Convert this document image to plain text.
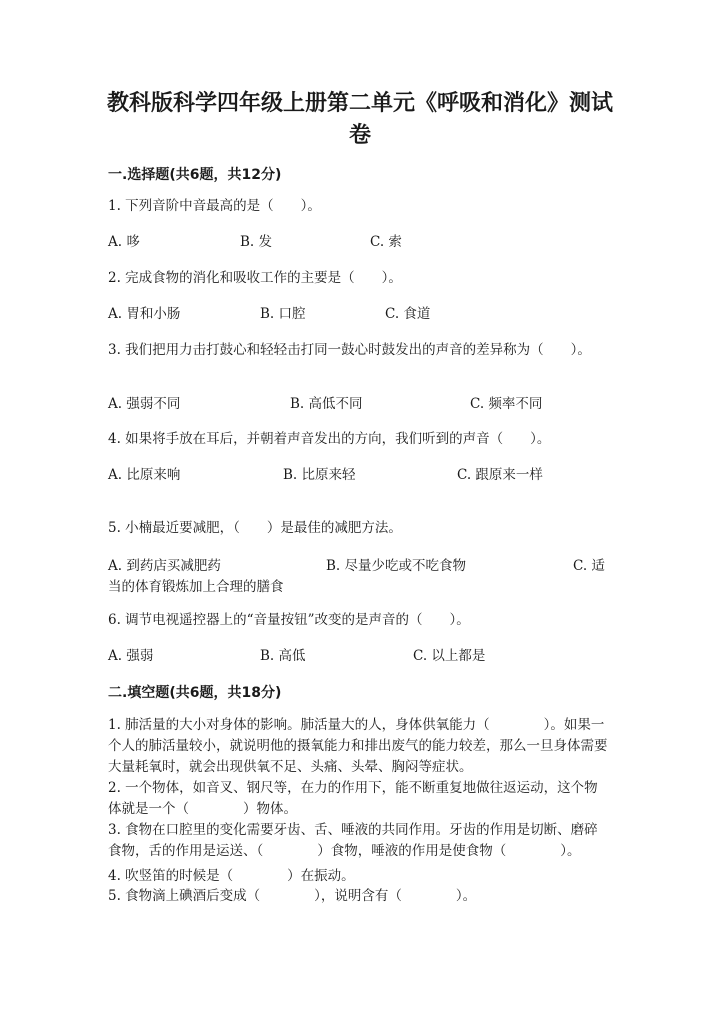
教科版科学四年级上册第二单元《呼吸和消化》测试卷
一.选择题(共6题，共12分)
1. 下列音阶中音最高的是（　　）。
A. 哆	B. 发	C. 索
2. 完成食物的消化和吸收工作的主要是（　　）。
A. 胃和小肠	B. 口腔	C. 食道
3. 我们把用力击打鼓心和轻轻击打同一鼓心时鼓发出的声音的差异称为（　　）。
A. 强弱不同	B. 高低不同	C. 频率不同
4. 如果将手放在耳后，并朝着声音发出的方向，我们听到的声音（　　）。
A. 比原来响	B. 比原来轻	C. 跟原来一样
5. 小楠最近要减肥，（　　）是最佳的减肥方法。
A. 到药店买减肥药	B. 尽量少吃或不吃食物	C. 适当的体育锻炼加上合理的膳食
6. 调节电视遥控器上的“音量按钮”改变的是声音的（　　）。
A. 强弱	B. 高低	C. 以上都是
二.填空题(共6题，共18分)
1. 肺活量的大小对身体的影响。肺活量大的人，身体供氧能力（　　　　）。如果一个人的肺活量较小，就说明他的摄氧能力和排出废气的能力较差，那么一旦身体需要大量耗氧时，就会出现供氧不足、头痛、头晕、胸闷等症状。
2. 一个物体，如音叉、钢尺等，在力的作用下，能不断重复地做往返运动，这个物体就是一个（　　　　）物体。
3. 食物在口腔里的变化需要牙齿、舌、唾液的共同作用。牙齿的作用是切断、磨碎食物，舌的作用是运送、（　　　　）食物，唾液的作用是使食物（　　　　）。
4. 吹竖笛的时候是（　　　　）在振动。
5. 食物滴上碘酒后变成（　　　　），说明含有（　　　　）。
